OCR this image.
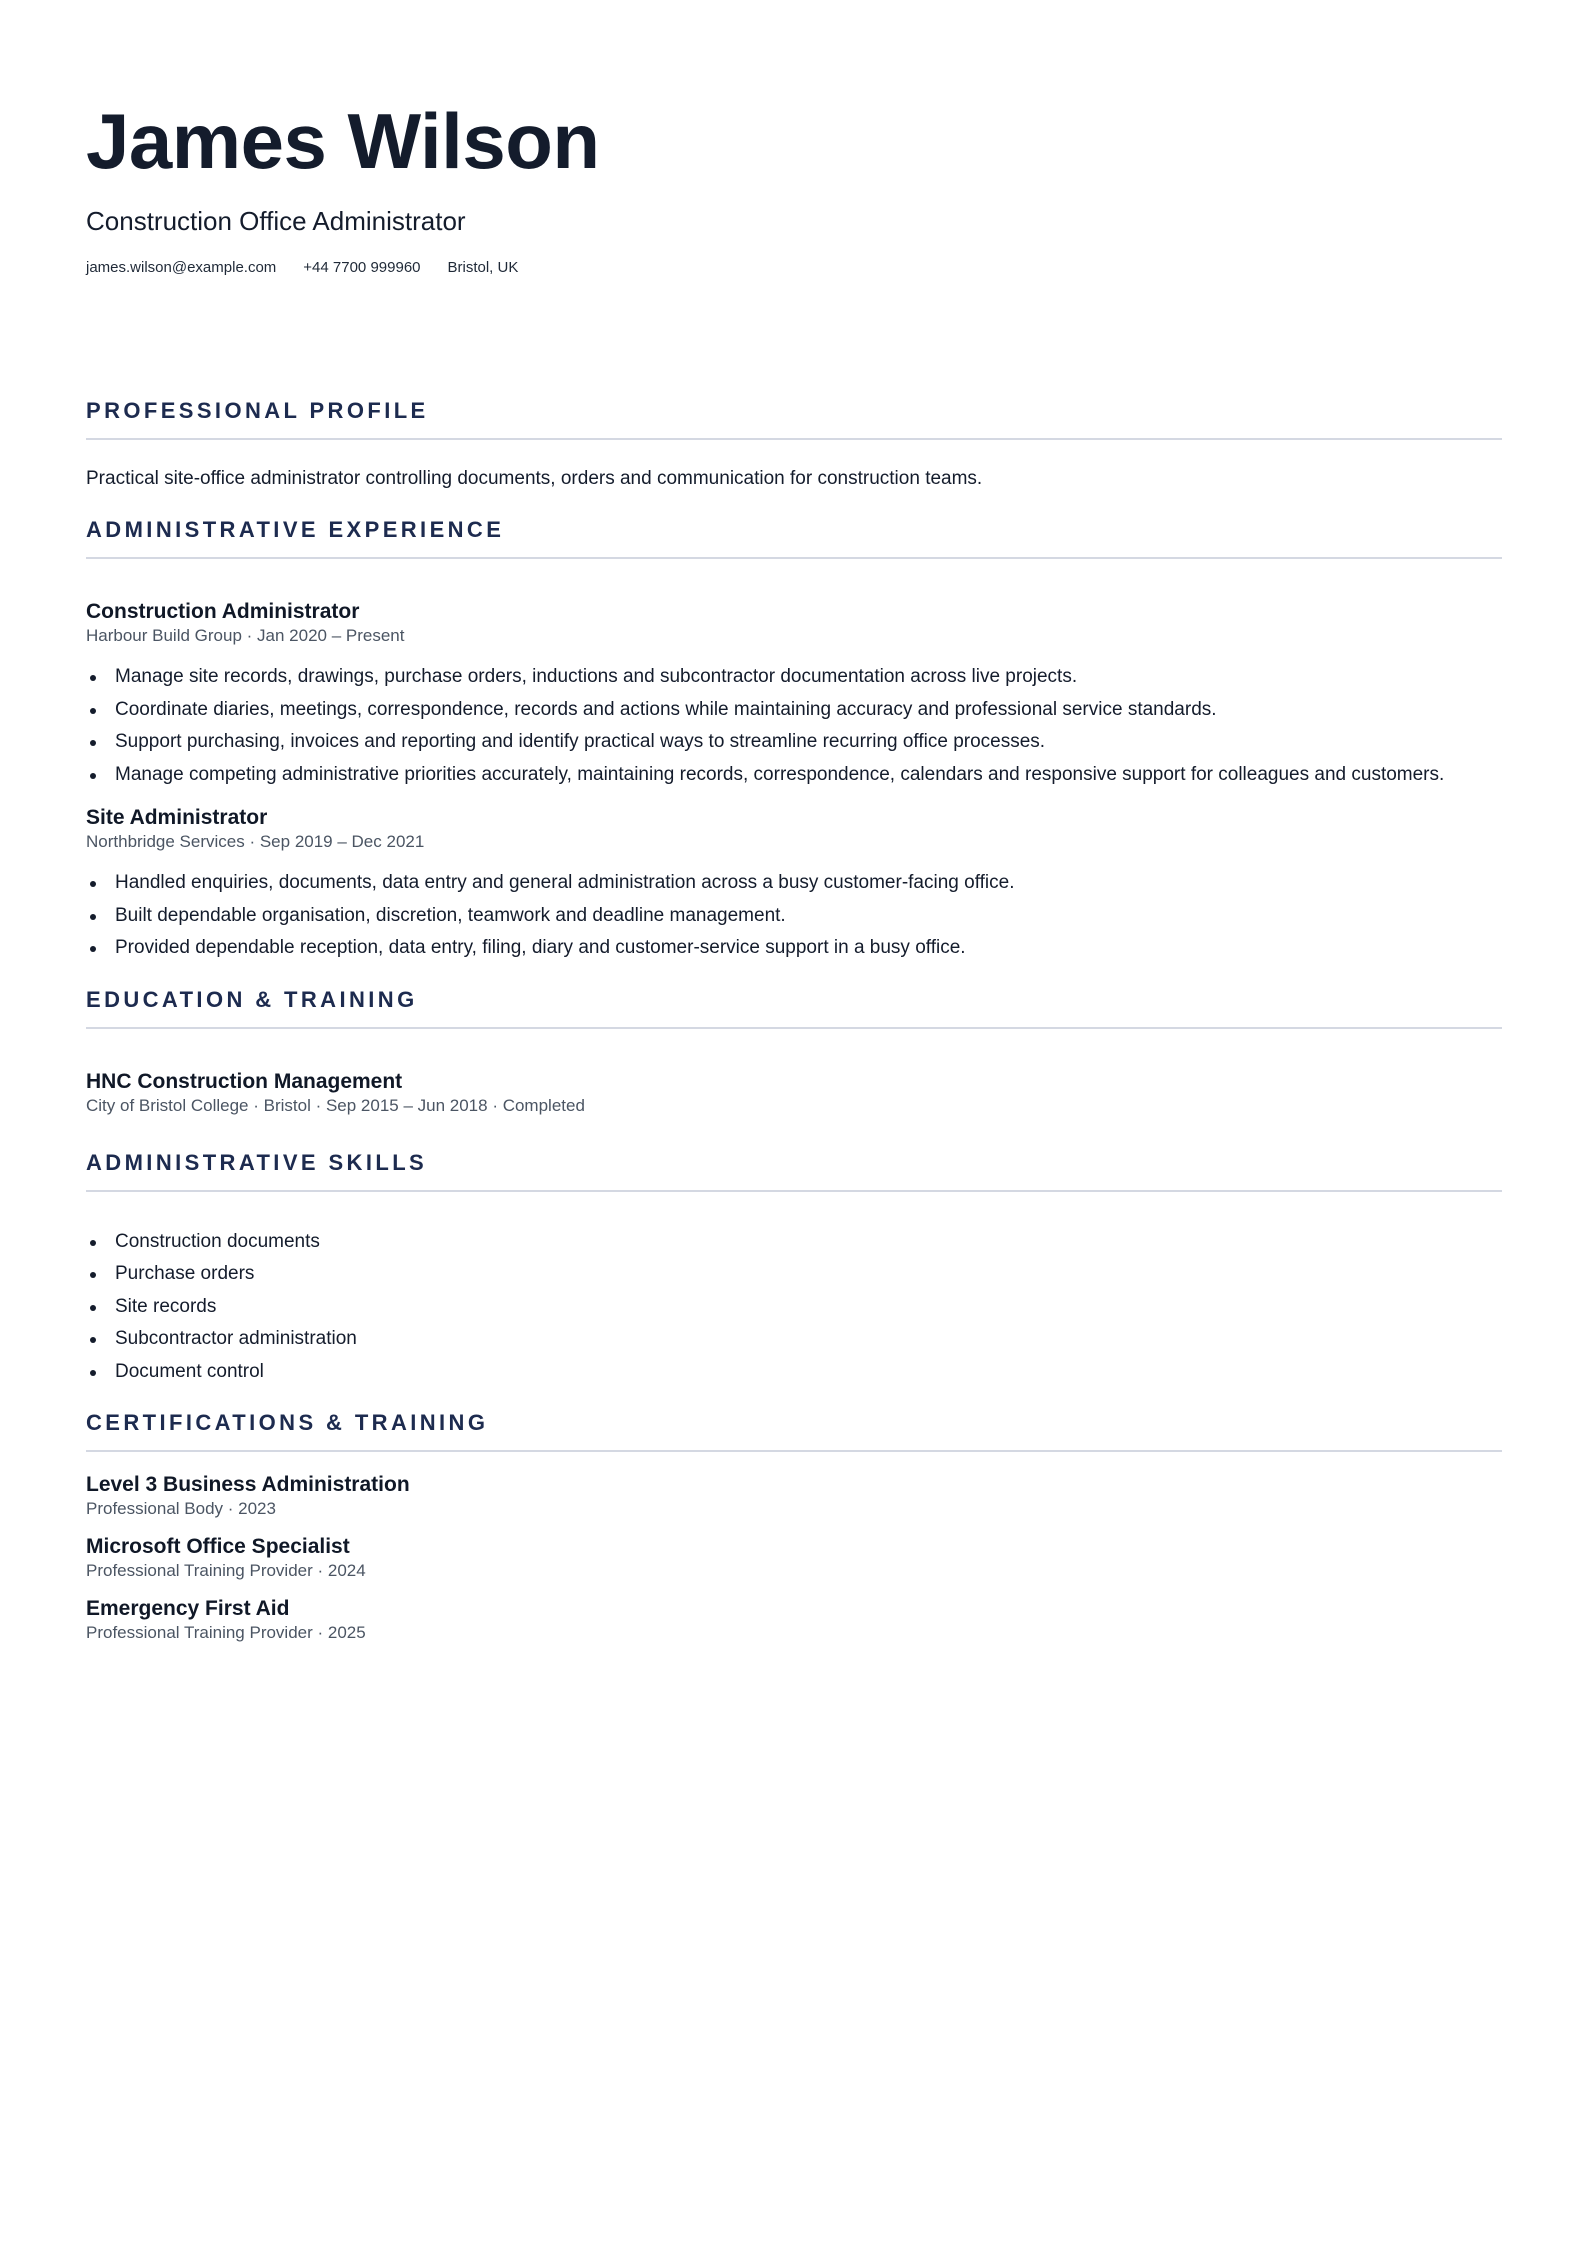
James Wilson
Construction Office Administrator
james.wilson@example.com +44 7700 999960 Bristol, UK
PROFESSIONAL PROFILE
Practical site-office administrator controlling documents, orders and communication for construction teams.
ADMINISTRATIVE EXPERIENCE
Construction Administrator
Harbour Build Group · Jan 2020 – Present
Manage site records, drawings, purchase orders, inductions and subcontractor documentation across live projects.
Coordinate diaries, meetings, correspondence, records and actions while maintaining accuracy and professional service standards.
Support purchasing, invoices and reporting and identify practical ways to streamline recurring office processes.
Manage competing administrative priorities accurately, maintaining records, correspondence, calendars and responsive support for colleagues and customers.
Site Administrator
Northbridge Services · Sep 2019 – Dec 2021
Handled enquiries, documents, data entry and general administration across a busy customer-facing office.
Built dependable organisation, discretion, teamwork and deadline management.
Provided dependable reception, data entry, filing, diary and customer-service support in a busy office.
EDUCATION & TRAINING
HNC Construction Management
City of Bristol College · Bristol · Sep 2015 – Jun 2018 · Completed
ADMINISTRATIVE SKILLS
Construction documents
Purchase orders
Site records
Subcontractor administration
Document control
CERTIFICATIONS & TRAINING
Level 3 Business Administration
Professional Body · 2023
Microsoft Office Specialist
Professional Training Provider · 2024
Emergency First Aid
Professional Training Provider · 2025
